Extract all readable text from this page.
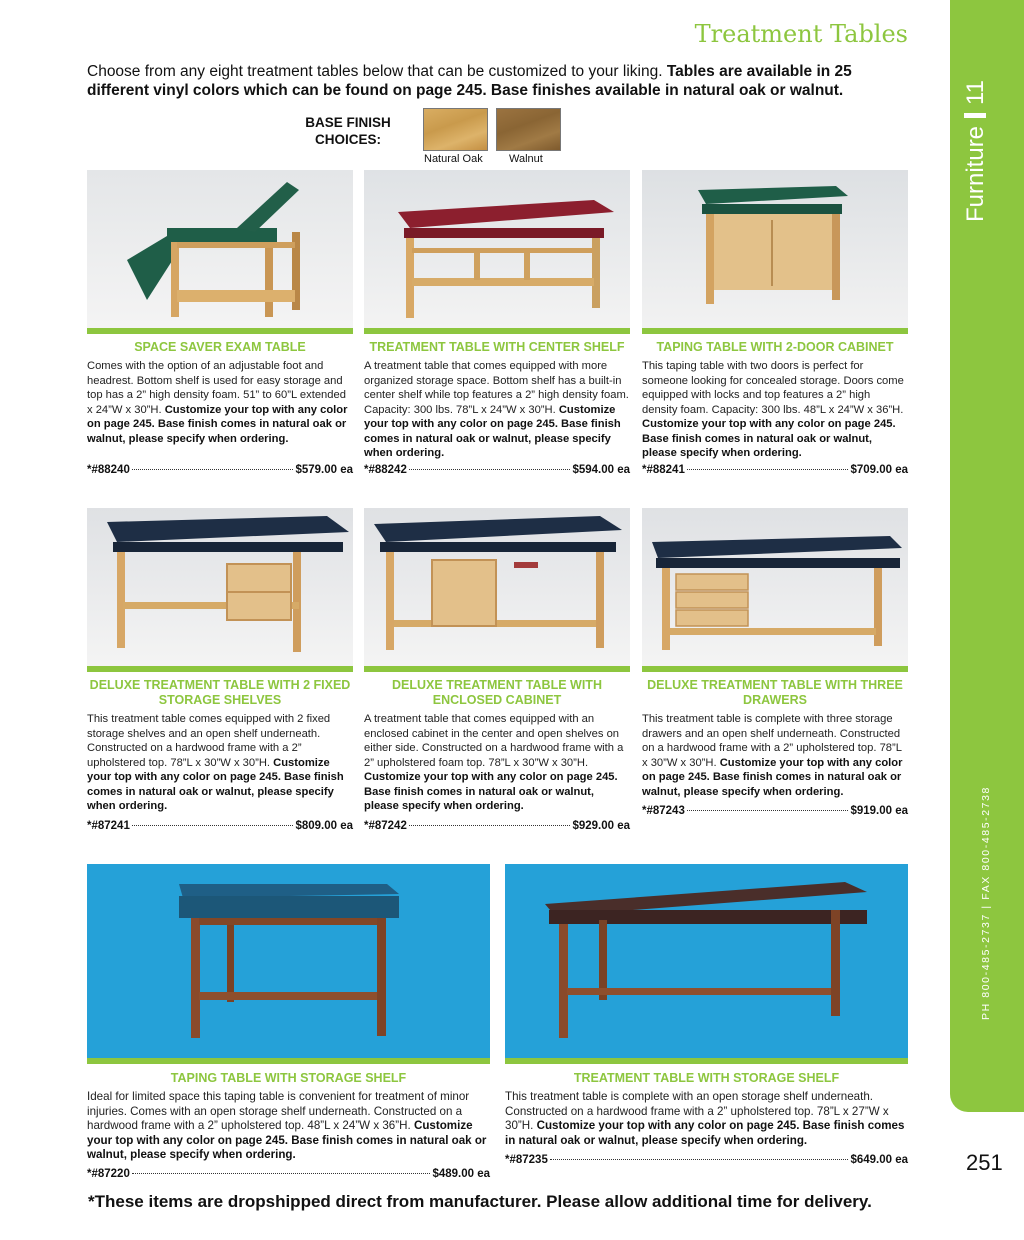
Treatment Tables

Choose from any eight treatment tables below that can be customized to your liking. Tables are available in 25 different vinyl colors which can be found on page 245. Base finishes available in natural oak or walnut.

BASE FINISH
CHOICES:
Natural Oak Walnut	Furniture11
PH 800-485-2737 | FAX 800-485-2738
251
SPACE SAVER EXAM TABLE

Comes with the option of an adjustable foot and headrest. Bottom shelf is used for easy storage and top has a 2” high density foam. 51” to 60”L extended x 24”W x 30”H. Customize your top with any color on page 245. Base finish comes in natural oak or walnut, please specify when ordering.

*#88240	$579.00 ea
TREATMENT TABLE WITH CENTER SHELF

A treatment table that comes equipped with more organized storage space. Bottom shelf has a built-in center shelf while top features a 2” high density foam. Capacity: 300 lbs. 78”L x 24”W x 30”H. Customize your top with any color on page 245. Base finish comes in natural oak or walnut, please specify when ordering.

*#88242	$594.00 ea
TAPING TABLE WITH 2-DOOR CABINET

This taping table with two doors is perfect for someone looking for concealed storage. Doors come equipped with locks and top features a 2” high density foam. Capacity: 300 lbs. 48”L x 24”W x 36”H. Customize your top with any color on page 245. Base finish comes in natural oak or walnut, please specify when ordering.

*#88241	$709.00 ea
DELUXE TREATMENT TABLE WITH 2 FIXED STORAGE SHELVES

This treatment table comes equipped with 2 fixed storage shelves and an open shelf underneath. Constructed on a hardwood frame with a 2” upholstered top. 78”L x 30”W x 30”H. Customize your top with any color on page 245. Base finish comes in natural oak or walnut, please specify when ordering.

*#87241	$809.00 ea
DELUXE TREATMENT TABLE WITH ENCLOSED CABINET

A treatment table that comes equipped with an enclosed cabinet in the center and open shelves on either side. Constructed on a hardwood frame with a 2” upholstered foam top. 78”L x 30”W x 30”H. Customize your top with any color on page 245. Base finish comes in natural oak or walnut, please specify when ordering.

*#87242	$929.00 ea
DELUXE TREATMENT TABLE WITH THREE DRAWERS

This treatment table is complete with three storage drawers and an open shelf underneath. Constructed on a hardwood frame with a 2” upholstered top. 78”L x 30”W x 30”H. Customize your top with any color on page 245. Base finish comes in natural oak or walnut, please specify when ordering.

*#87243	$919.00 ea
TAPING TABLE WITH STORAGE SHELF

Ideal for limited space this taping table is convenient for treatment of minor injuries. Comes with an open storage shelf underneath. Constructed on a hardwood frame with a 2” upholstered top. 48”L x 24”W x 36”H. Customize your top with any color on page 245. Base finish comes in natural oak or walnut, please specify when ordering.

*#87220	$489.00 ea
TREATMENT TABLE WITH STORAGE SHELF

This treatment table is complete with an open storage shelf underneath. Constructed on a hardwood frame with a 2” upholstered top. 78”L x 27”W x 30”H. Customize your top with any color on page 245. Base finish comes in natural oak or walnut, please specify when ordering.

*#87235	$649.00 ea
*These items are dropshipped direct from manufacturer. Please allow additional time for delivery.
